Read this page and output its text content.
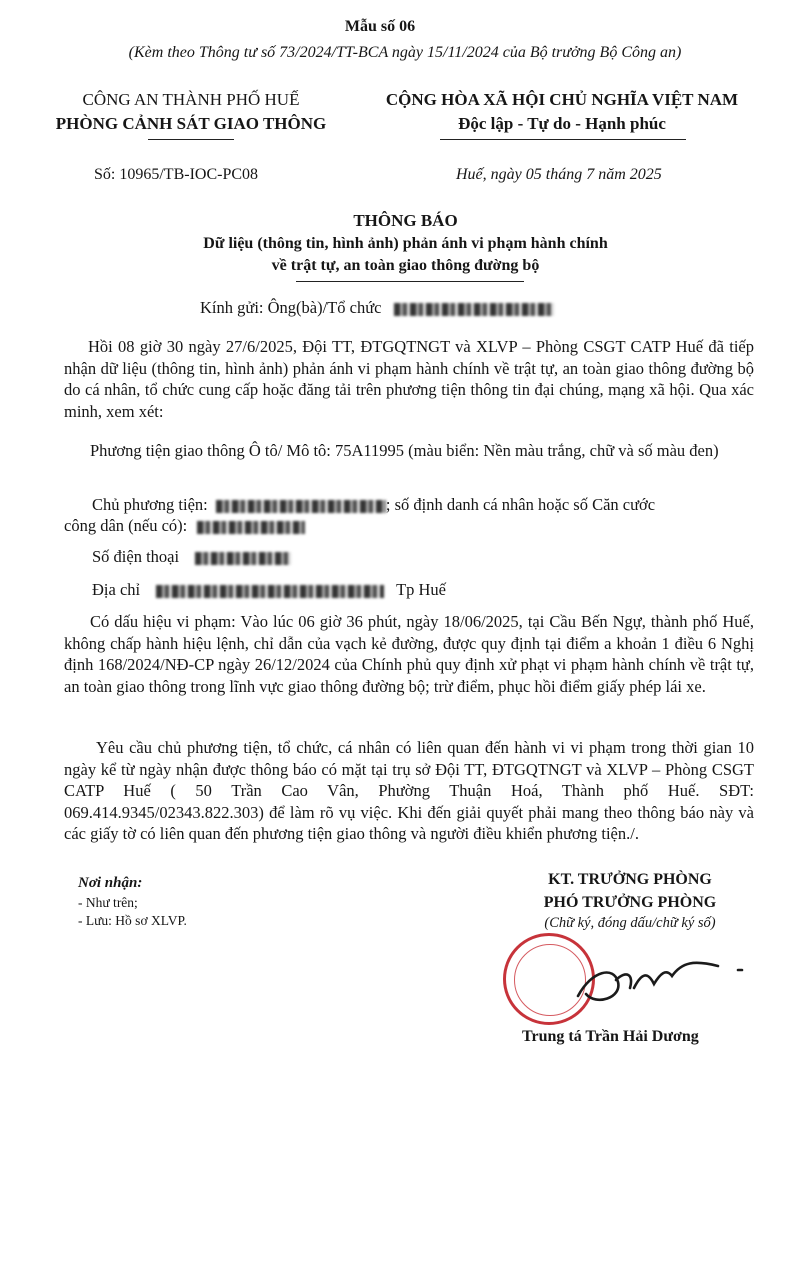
Mẫu số 06
(Kèm theo Thông tư số 73/2024/TT-BCA ngày 15/11/2024 của Bộ trưởng Bộ Công an)
CÔNG AN THÀNH PHỐ HUẾ
PHÒNG CẢNH SÁT GIAO THÔNG
Số: 10965/TB-IOC-PC08
CỘNG HÒA XÃ HỘI CHỦ NGHĨA VIỆT NAM
Độc lập - Tự do - Hạnh phúc
Huế, ngày 05 tháng 7 năm 2025
THÔNG BÁO
Dữ liệu (thông tin, hình ảnh) phản ánh vi phạm hành chính
về trật tự, an toàn giao thông đường bộ
Kính gửi: Ông(bà)/Tổ chức
Hồi 08 giờ 30 ngày 27/6/2025, Đội TT, ĐTGQTNGT và XLVP – Phòng CSGT CATP Huế đã tiếp nhận dữ liệu (thông tin, hình ảnh) phản ánh vi phạm hành chính về trật tự, an toàn giao thông đường bộ do cá nhân, tổ chức cung cấp hoặc đăng tải trên phương tiện thông tin đại chúng, mạng xã hội. Qua xác minh, xem xét:
Phương tiện giao thông Ô tô/ Mô tô: 75A11995 (màu biển: Nền màu trắng, chữ và số màu đen)
Chủ phương tiện:	; số định danh cá nhân hoặc số Căn cước
công dân (nếu có):
Số điện thoại
Địa chỉ	Tp Huế
Có dấu hiệu vi phạm: Vào lúc 06 giờ 36 phút, ngày 18/06/2025, tại Cầu Bến Ngự, thành phố Huế, không chấp hành hiệu lệnh, chỉ dẫn của vạch kẻ đường, được quy định tại điểm a khoản 1 điều 6 Nghị định 168/2024/NĐ-CP ngày 26/12/2024 của Chính phủ quy định xử phạt vi phạm hành chính về trật tự, an toàn giao thông trong lĩnh vực giao thông đường bộ; trừ điểm, phục hồi điểm giấy phép lái xe.
Yêu cầu chủ phương tiện, tổ chức, cá nhân có liên quan đến hành vi vi phạm trong thời gian 10 ngày kể từ ngày nhận được thông báo có mặt tại trụ sở Đội TT, ĐTGQTNGT và XLVP – Phòng CSGT CATP Huế ( 50 Trần Cao Vân, Phường Thuận Hoá, Thành phố Huế. SĐT: 069.414.9345/02343.822.303) để làm rõ vụ việc. Khi đến giải quyết phải mang theo thông báo này và các giấy tờ có liên quan đến phương tiện giao thông và người điều khiển phương tiện./.
Nơi nhận:
- Như trên;
- Lưu: Hồ sơ XLVP.
KT. TRƯỞNG PHÒNG
PHÓ TRƯỞNG PHÒNG
(Chữ ký, đóng dấu/chữ ký số)
Trung tá Trần Hải Dương
